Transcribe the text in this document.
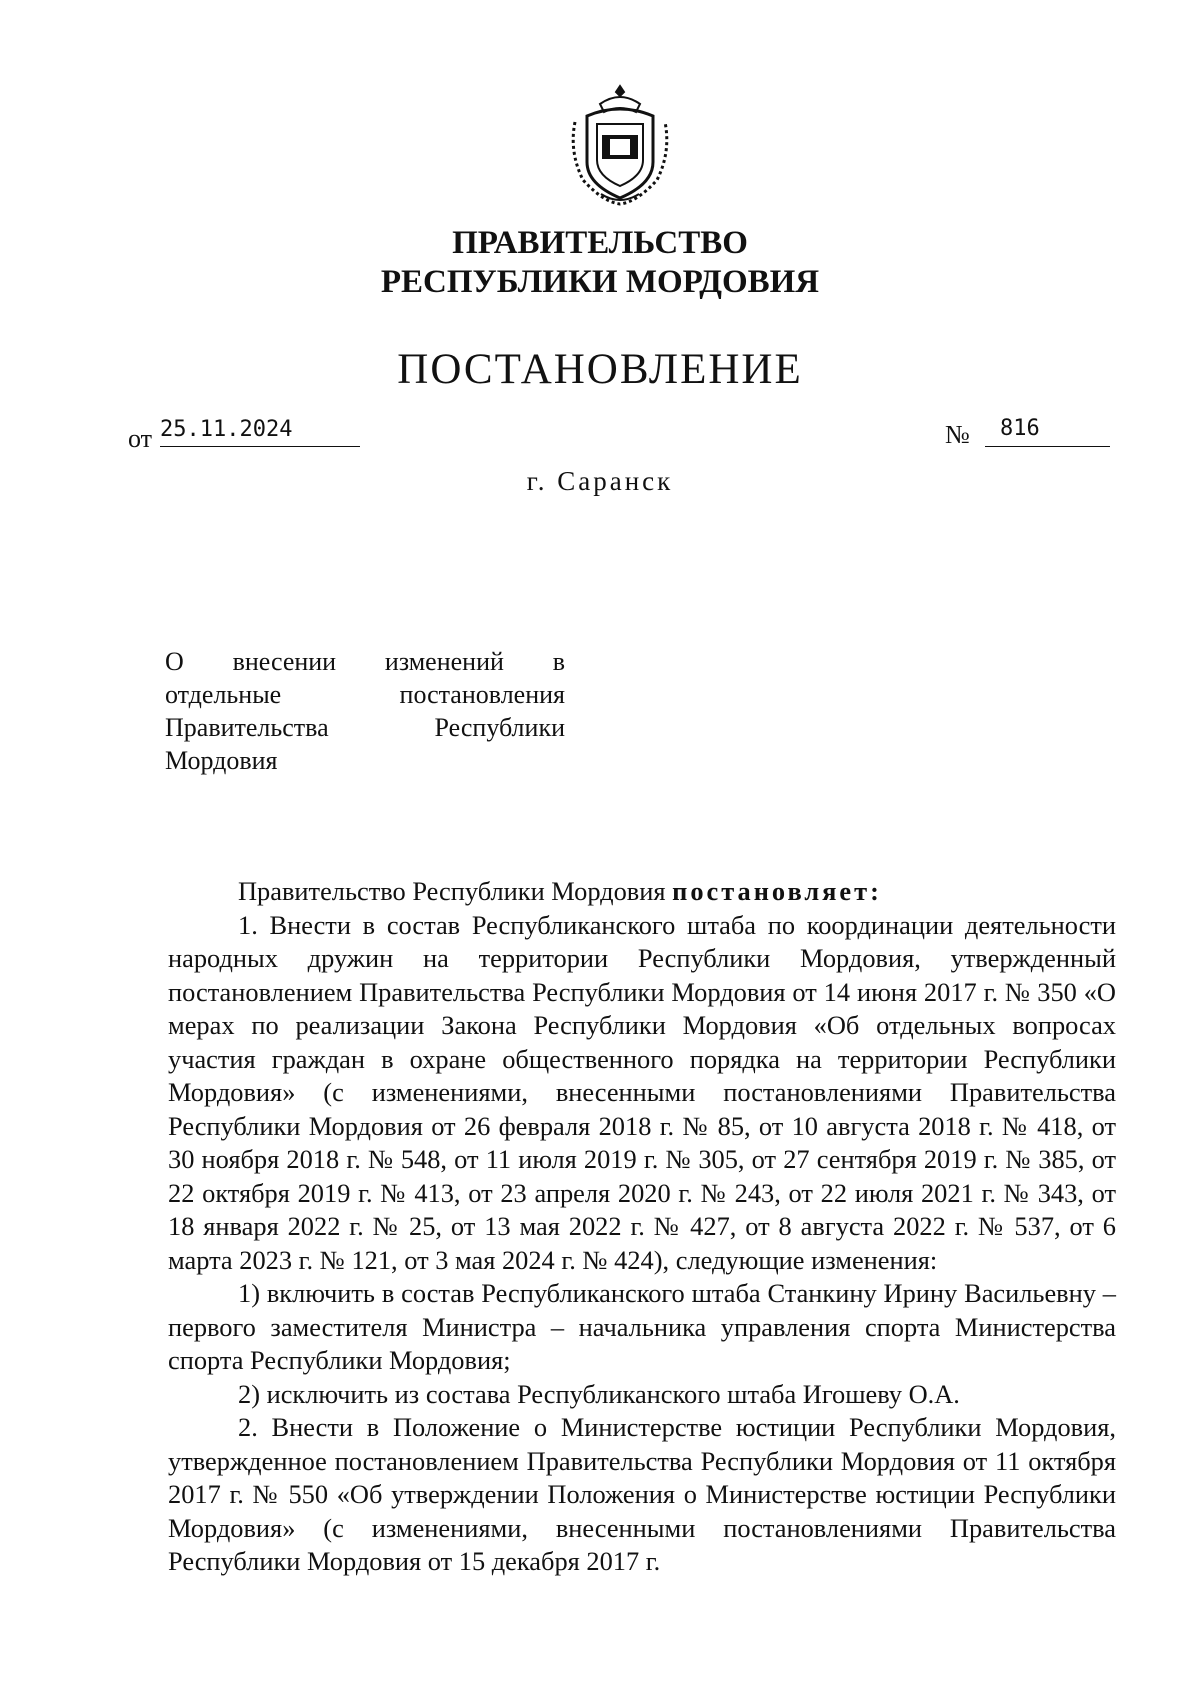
ПРАВИТЕЛЬСТВО
РЕСПУБЛИКИ МОРДОВИЯ
ПОСТАНОВЛЕНИЕ
от 25.11.2024	№ 816
г. Саранск
О внесении изменений в
отдельные постановления
Правительства Республики
Мордовия

Правительство Республики Мордовия постановляет:

1. Внести в состав Республиканского штаба по координации деятельности народных дружин на территории Республики Мордовия, утвержденный постановлением Правительства Республики Мордовия от 14 июня 2017 г. № 350 «О мерах по реализации Закона Республики Мордовия «Об отдельных вопросах участия граждан в охране общественного порядка на территории Республики Мордовия» (с изменениями, внесенными постановлениями Правительства Республики Мордовия от 26 февраля 2018 г. № 85, от 10 августа 2018 г. № 418, от 30 ноября 2018 г. № 548, от 11 июля 2019 г. № 305, от 27 сентября 2019 г. № 385, от 22 октября 2019 г. № 413, от 23 апреля 2020 г. № 243, от 22 июля 2021 г. № 343, от 18 января 2022 г. № 25, от 13 мая 2022 г. № 427, от 8 августа 2022 г. № 537, от 6 марта 2023 г. № 121, от 3 мая 2024 г. № 424), следующие изменения:

1) включить в состав Республиканского штаба Станкину Ирину Васильевну – первого заместителя Министра – начальника управления спорта Министерства спорта Республики Мордовия;

2) исключить из состава Республиканского штаба Игошеву О.А.

2. Внести в Положение о Министерстве юстиции Республики Мордовия, утвержденное постановлением Правительства Республики Мордовия от 11 октября 2017 г. № 550 «Об утверждении Положения о Министерстве юстиции Республики Мордовия» (с изменениями, внесенными постановлениями Правительства Республики Мордовия от 15 декабря 2017 г.
